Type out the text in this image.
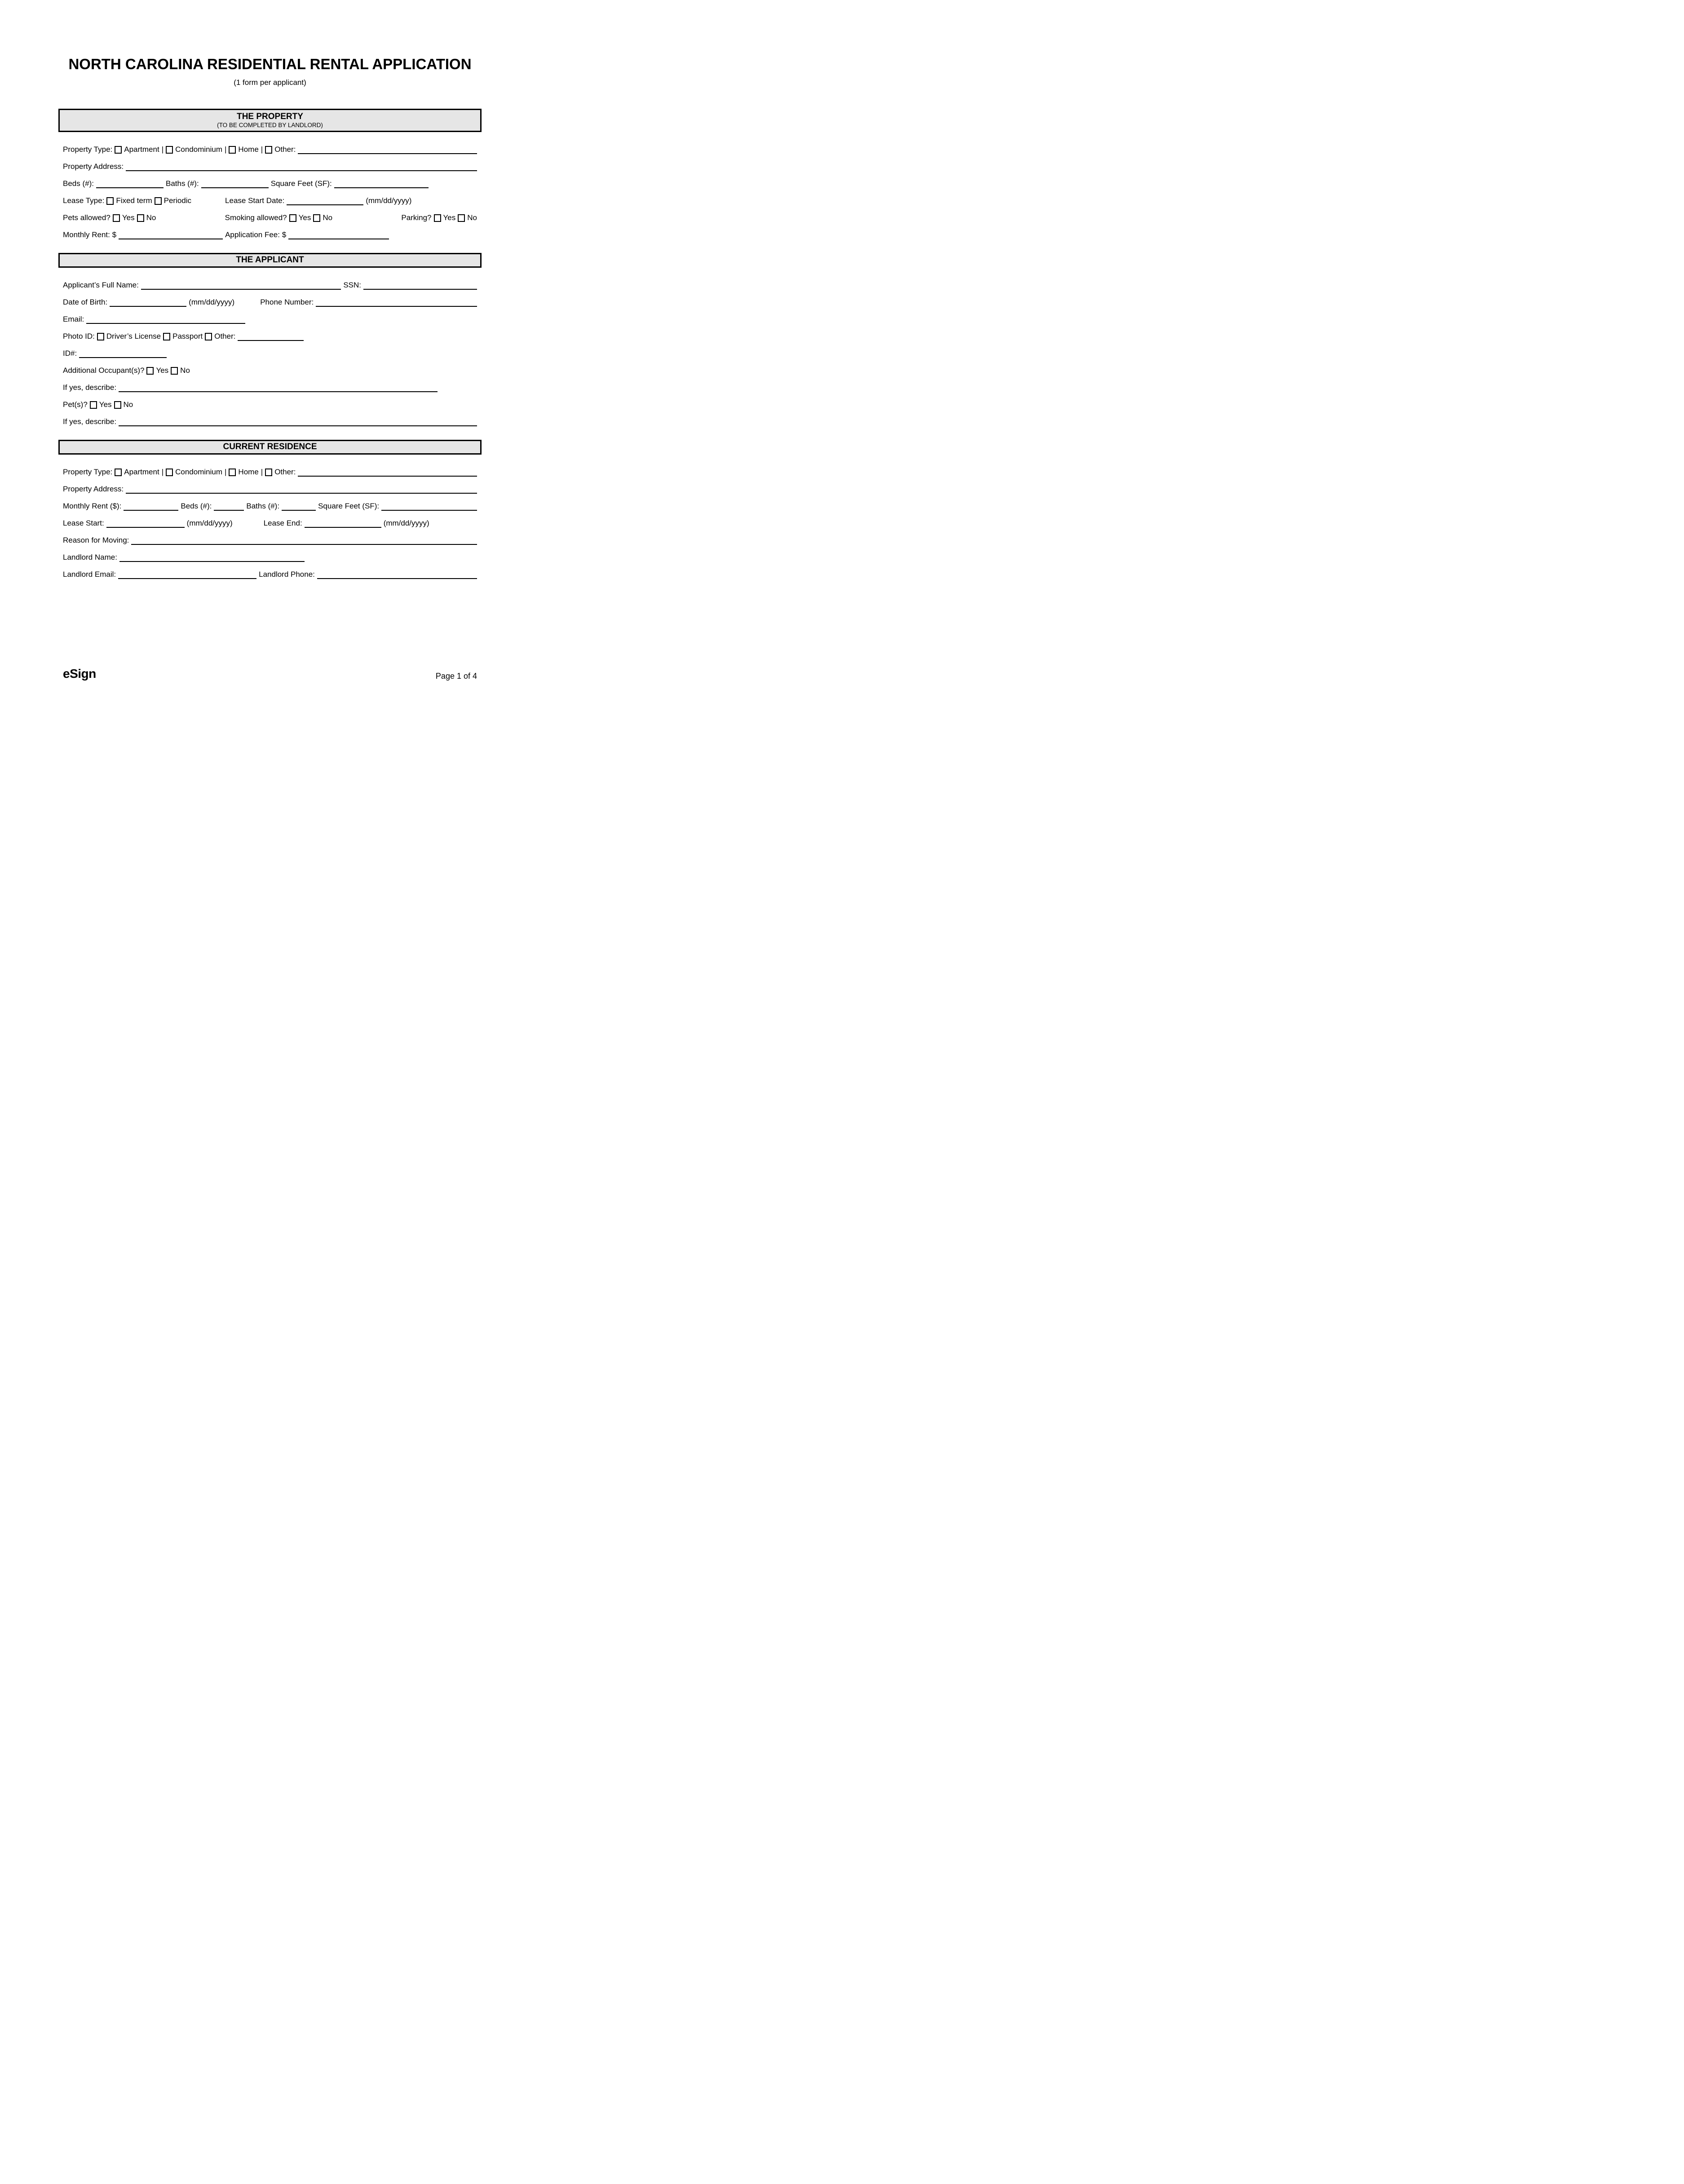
NORTH CAROLINA RESIDENTIAL RENTAL APPLICATION
(1 form per applicant)
THE PROPERTY
(TO BE COMPLETED BY LANDLORD)
Property Type: Apartment | Condominium | Home | Other:
Property Address:
Beds (#):	Baths (#):	Square Feet (SF):
Lease Type: Fixed term Periodic	Lease Start Date:	(mm/dd/yyyy)
Pets allowed? Yes No	Smoking allowed? Yes No	Parking? Yes No
Monthly Rent: $	Application Fee: $
THE APPLICANT
Applicant’s Full Name:	SSN:
Date of Birth:	(mm/dd/yyyy)	Phone Number:
Email:
Photo ID: Driver’s License Passport Other:
ID#:
Additional Occupant(s)? Yes No
If yes, describe:
Pet(s)? Yes No
If yes, describe:
CURRENT RESIDENCE
Property Type: Apartment | Condominium | Home | Other:
Property Address:
Monthly Rent ($):	Beds (#):	Baths (#):	Square Feet (SF):
Lease Start:	(mm/dd/yyyy)	Lease End:	(mm/dd/yyyy)
Reason for Moving:
Landlord Name:
Landlord Email:	Landlord Phone:
eSign	Page 1 of 4
